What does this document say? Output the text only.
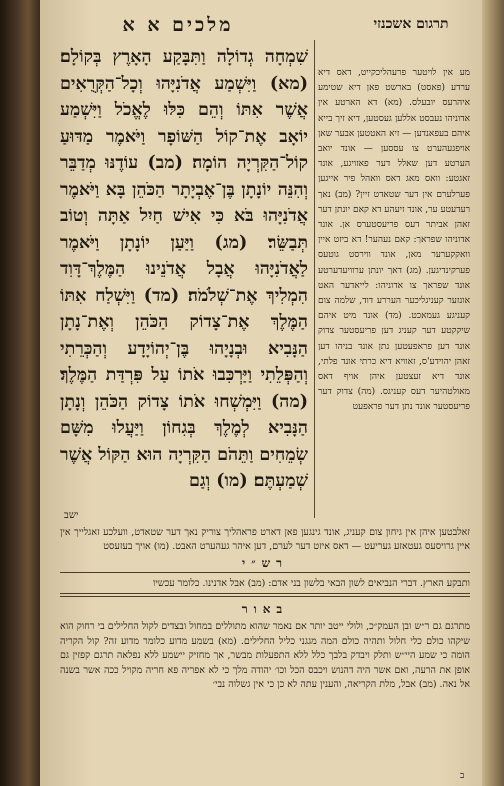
מלכים א א	תרגום אשכנזי

שִׁמְחָה גְדוֹלָה וַתִּבָּקַע הָאָרֶץ בְּקוֹלָם׃ (מא) וַיִּשְׁמַע אֲדֹנִיָּהוּ וְכָל־הַקְּרֻאִים אֲשֶׁר אִתּוֹ וְהֵם כִּלּוּ לֶאֱכֹל וַיִּשְׁמַע יוֹאָב אֶת־קוֹל הַשּׁוֹפָר וַיֹּאמֶר מַדּוּעַ קוֹל־הַקִּרְיָה הוֹמָה׃ (מב) עוֹדֶנּוּ מְדַבֵּר וְהִנֵּה יוֹנָתָן בֶּן־אֶבְיָתָר הַכֹּהֵן בָּא וַיֹּאמֶר אֲדֹנִיָּהוּ בֹּא כִּי אִישׁ חַיִל אַתָּה וְטוֹב תְּבַשֵּׂר׃ (מג) וַיַּעַן יוֹנָתָן וַיֹּאמֶר לַאֲדֹנִיָּהוּ אֲבָל אֲדֹנֵינוּ הַמֶּלֶךְ־דָּוִד הִמְלִיךְ אֶת־שְׁלֹמֹה׃ (מד) וַיִּשְׁלַח אִתּוֹ הַמֶּלֶךְ אֶת־צָדוֹק הַכֹּהֵן וְאֶת־נָתָן הַנָּבִיא וּבְנָיָהוּ בֶּן־יְהוֹיָדָע וְהַכְּרֵתִי וְהַפְּלֵתִי וַיַּרְכִּבוּ אֹתוֹ עַל פִּרְדַּת הַמֶּלֶךְ׃ (מה) וַיִּמְשְׁחוּ אֹתוֹ צָדוֹק הַכֹּהֵן וְנָתָן הַנָּבִיא לְמֶלֶךְ בְּגִחוֹן וַיַּעֲלוּ מִשָּׁם שְׂמֵחִים וַתֵּהֹם הַקִּרְיָה הוּא הַקּוֹל אֲשֶׁר שְׁמַעְתֶּם׃ (מו) וְגַם

מע אין לויטער פרעהליכקייט, דאס דיא ערדע (פאסט) בארשט פאן דיא שטימע איהרעס יובעלס. (מא) דא הארטע אין אדוניהו נעבסט אללען געסטען, דיא זיך בייא איהם בעפאנדען — זיא האטטען אבער שאן אויפגעהערט צו עססען — אונד יואב הערטע דען שאלל דער פאזויגע, אונד זאגטע: וואס מאג דאס וואהל פיר אייגען פערלערם אין דער שטאדט זיין? (מב) נאך רעדעטע ער, אונד זיעהע דא קאם יונתן דער זאהן אביתר דעס פריעסטערס אן. אונד אדוניהו שפראך: קאם נעהער! דא ביזט איין וואקקערער מאן, אונד ווירסט גוטעס פערקינדיגען. (מג) דאך יונתן ערוויעדערטע אונד שפראך צו אדוניהו: לייאדער האט אונזער קעניגליכער העררע דוד, שלמה צום קעניגע געמאכט. (מד) אונד מיט איהם שיקקטע דער קעניג דען פריעסטער צדוק אונד דען פראפעטען נתן אונד בניהו דען זאהן יהוידע'ס, זאוויא דיא כרתי אונד פלתי, אונד דיא זעצטען איהן אויף דאס מאולטהיער דעס קעניגס. (מה) צדוק דער פריעסטער אונד נתן דער פראפעט

ישב

זאלבטען איהן אין גיחון צום קעניג, אונד גינגען פאן דארט פראהליך צוריק נאך דער שטאדט, וועלכע זאגלייך אין איין גרויסעס געטאזע געריעט — דאס איזט דער לערם, דען איהר געהערט האבט. (מו) אויך בעזעסט

רש״י

ותבקע הארץ. דברי הנביאים לשון הבאי בלשון בני אדם: (מב) אבל אדנינו. כלומר עכשיו

באור

מתרגם גם ר״ש ובן העמק״כ, ולולי ייטב יותר אם נאמר שהוא מתוללים במחול ובצדים לקול החלילים בי רחוק הוא שיקהו כולם כלי חלול ותהיה כולם המה מגגני כליל החלילים. (מא) בשמע מדוע כלומר מדוע זה? קול הקריה הומה כי שמע היי״ש ותלק ויבדק בלבך כלל ללא התפעלות מבשר, אך מחזיק יישמע ללא נפלאה תרגם קפזין גם אופן את הרעה, ואם אשר היה דהנוש ויכבס הכל וכו׳ יהודה מלך כי לא אפריה פא חריה מקויל ככה אשר בשנה אל נאה. (מב) אבל, מלת הקריאה, והענין עתה לא כן כי אין גשלוה נבי׳

ב
